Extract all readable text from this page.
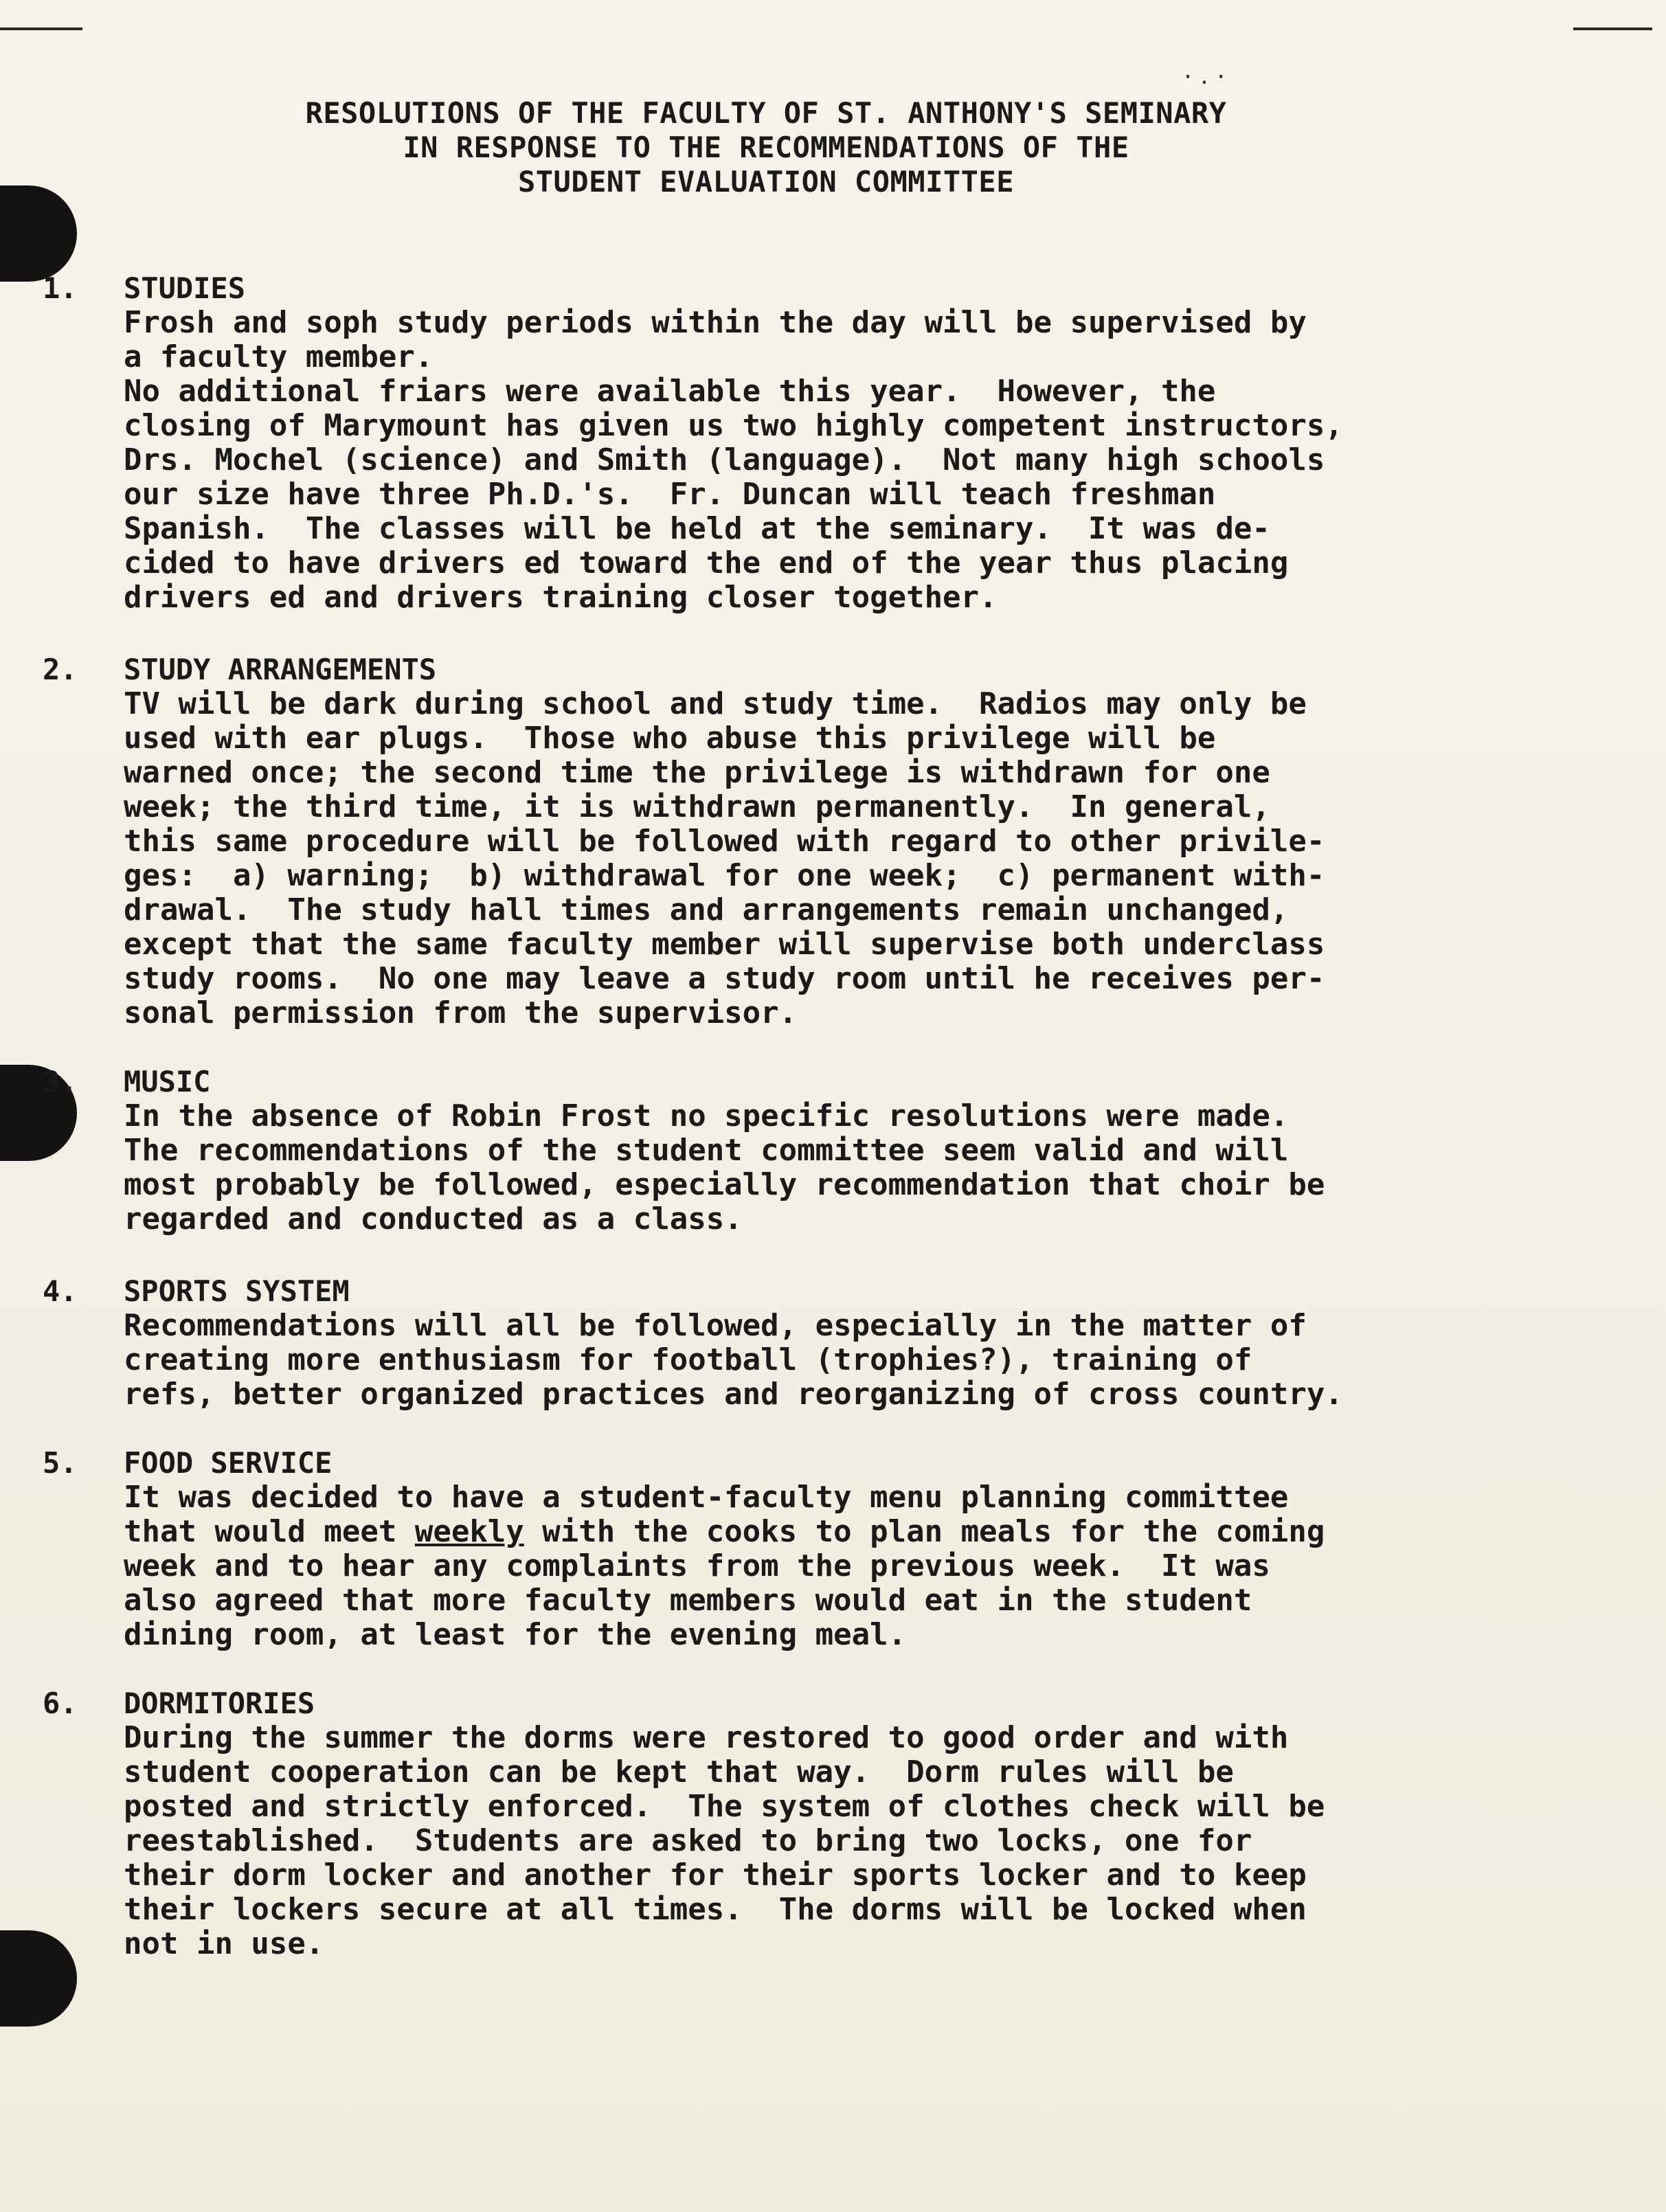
·.·
RESOLUTIONS OF THE FACULTY OF ST. ANTHONY'S SEMINARY
IN RESPONSE TO THE RECOMMENDATIONS OF THE
STUDENT EVALUATION COMMITTEE
1. STUDIES
Frosh and soph study periods within the day will be supervised by
a faculty member.
No additional friars were available this year.  However, the
closing of Marymount has given us two highly competent instructors,
Drs. Mochel (science) and Smith (language).  Not many high schools
our size have three Ph.D.'s.  Fr. Duncan will teach freshman
Spanish.  The classes will be held at the seminary.  It was de-
cided to have drivers ed toward the end of the year thus placing
drivers ed and drivers training closer together.
2. STUDY ARRANGEMENTS
TV will be dark during school and study time.  Radios may only be
used with ear plugs.  Those who abuse this privilege will be
warned once; the second time the privilege is withdrawn for one
week; the third time, it is withdrawn permanently.  In general,
this same procedure will be followed with regard to other privile-
ges:  a) warning;  b) withdrawal for one week;  c) permanent with-
drawal.  The study hall times and arrangements remain unchanged,
except that the same faculty member will supervise both underclass
study rooms.  No one may leave a study room until he receives per-
sonal permission from the supervisor.
3. MUSIC
In the absence of Robin Frost no specific resolutions were made.
The recommendations of the student committee seem valid and will
most probably be followed, especially recommendation that choir be
regarded and conducted as a class.
4. SPORTS SYSTEM
Recommendations will all be followed, especially in the matter of
creating more enthusiasm for football (trophies?), training of
refs, better organized practices and reorganizing of cross country.
5. FOOD SERVICE
It was decided to have a student-faculty menu planning committee
that would meet weekly with the cooks to plan meals for the coming
week and to hear any complaints from the previous week.  It was
also agreed that more faculty members would eat in the student
dining room, at least for the evening meal.
6. DORMITORIES
During the summer the dorms were restored to good order and with
student cooperation can be kept that way.  Dorm rules will be
posted and strictly enforced.  The system of clothes check will be
reestablished.  Students are asked to bring two locks, one for
their dorm locker and another for their sports locker and to keep
their lockers secure at all times.  The dorms will be locked when
not in use.
